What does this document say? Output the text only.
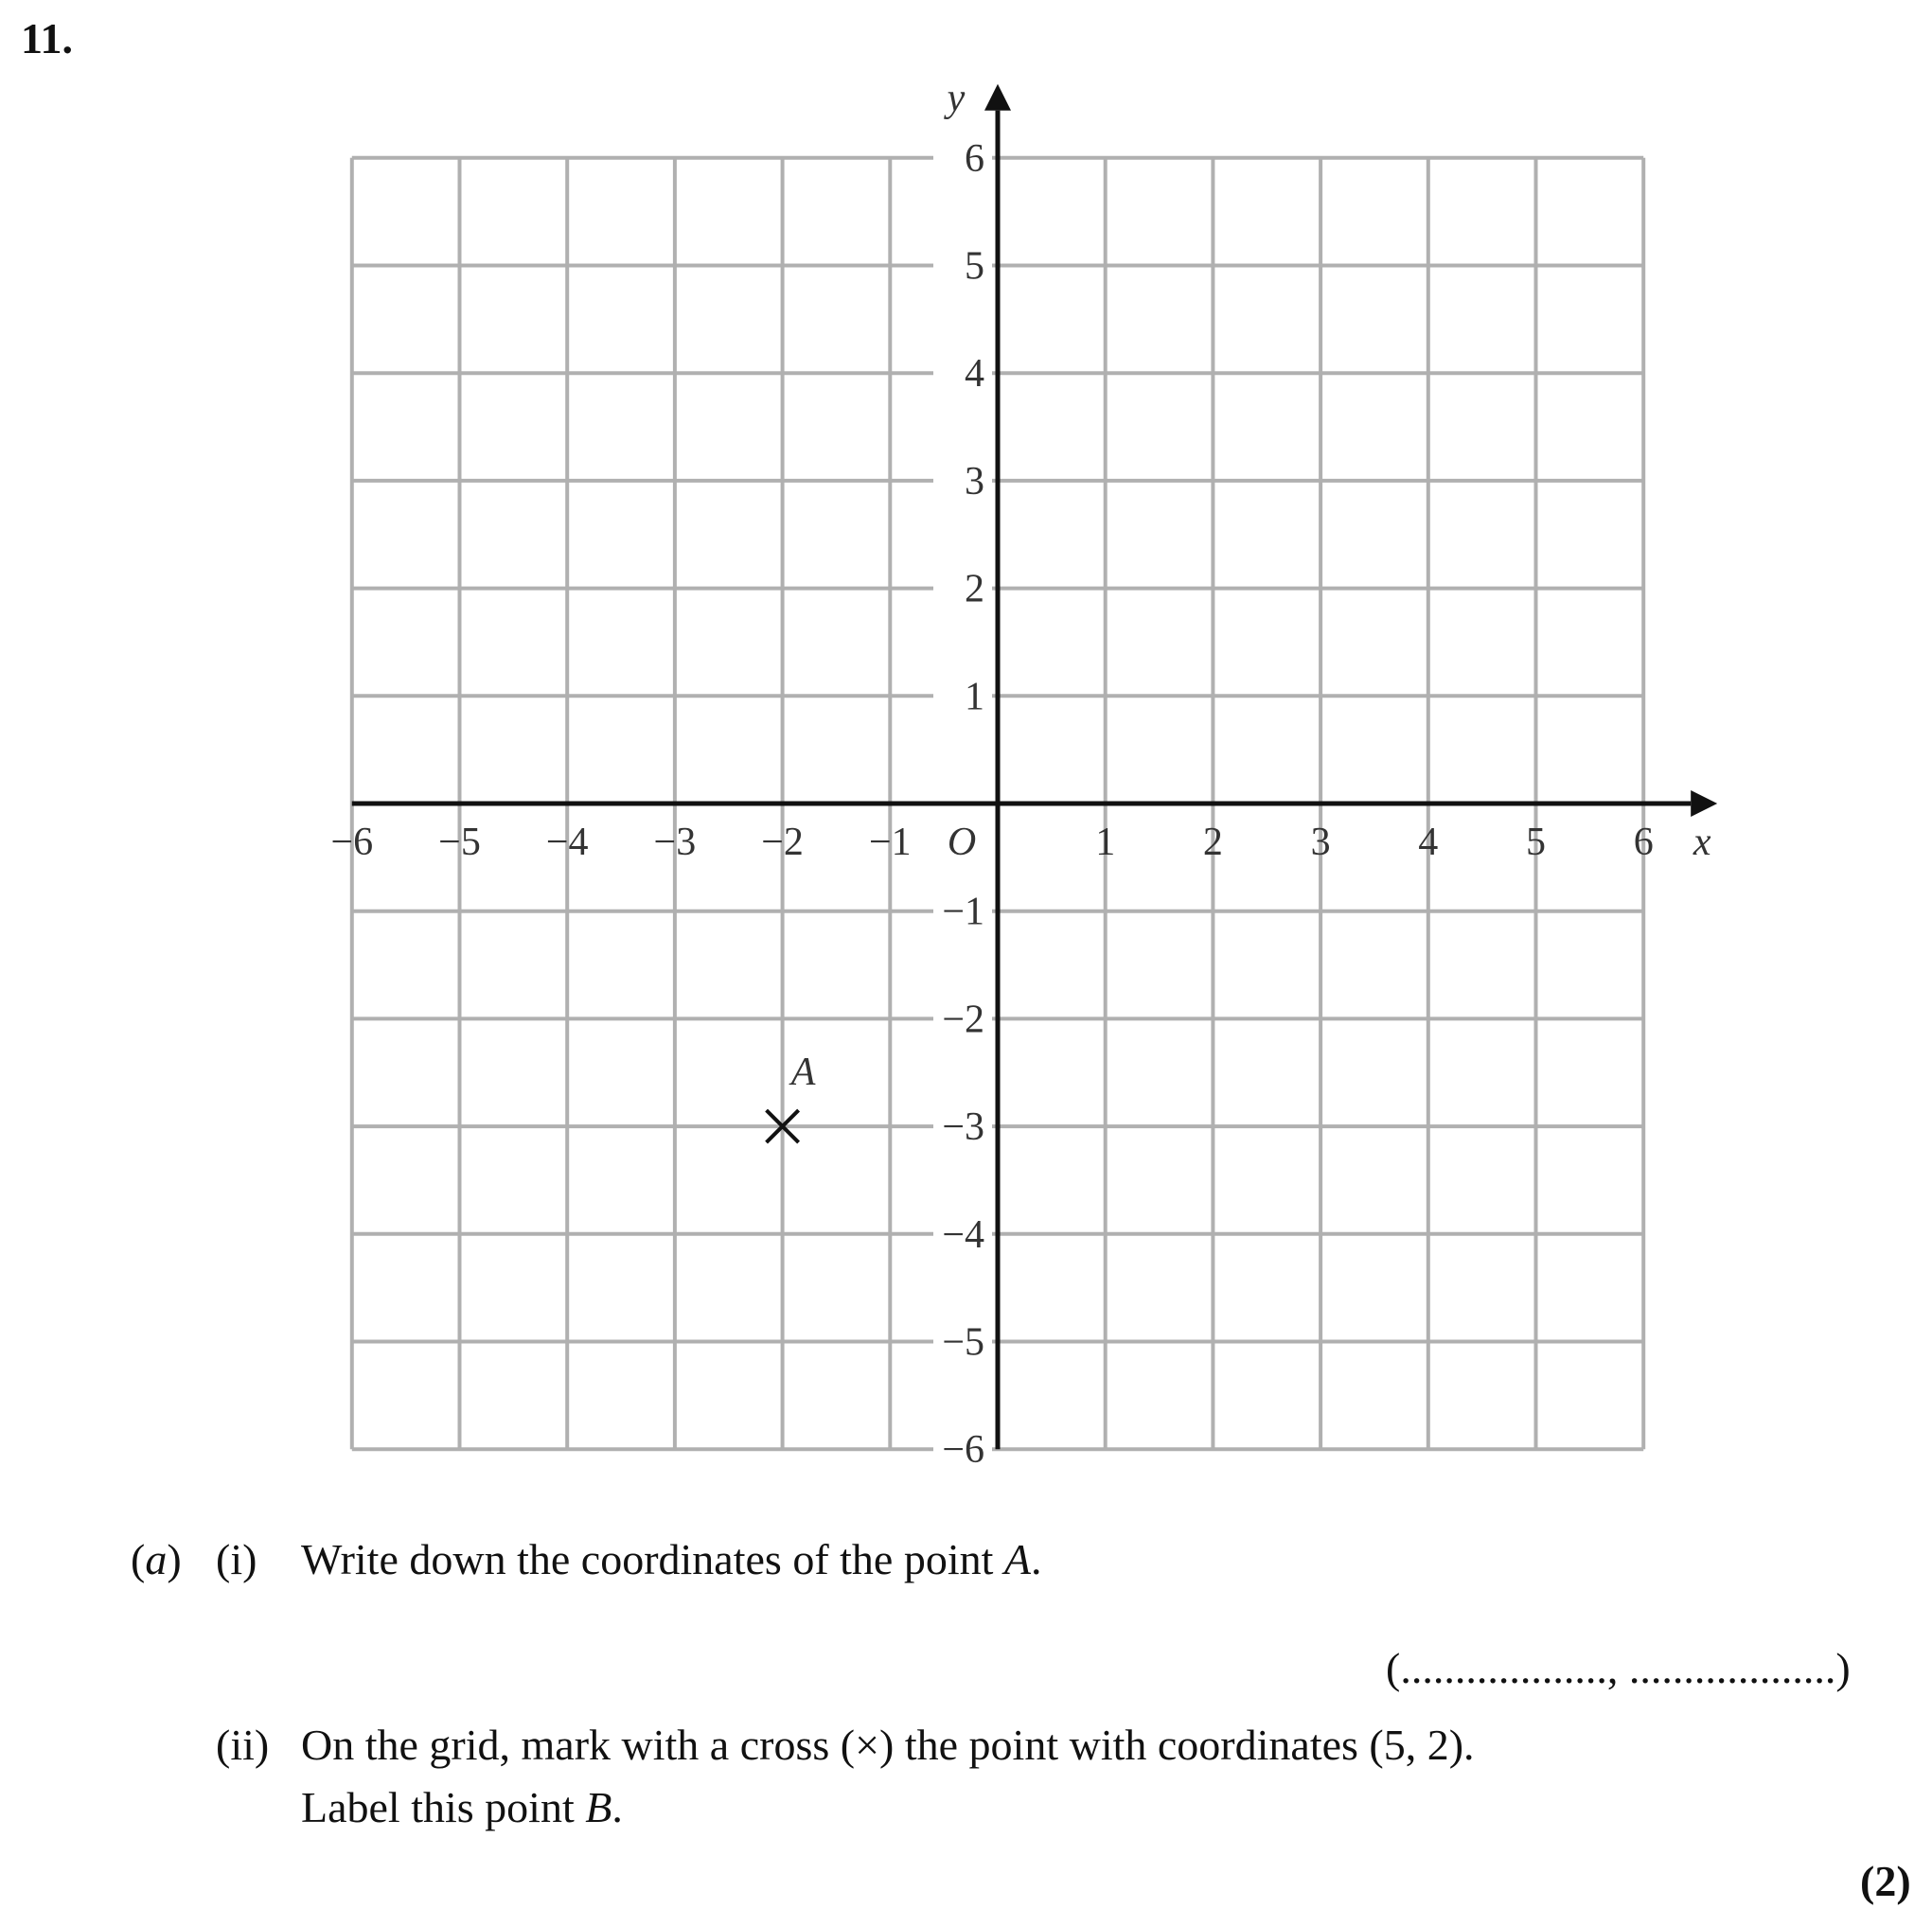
11.
−6 −5 −4 −3 −2 −1	1 2 3 4 5 6
6
5
4
3
2
1
−1
−2
−3
−4
−5
−6
O	x
y
A
(a) (i) Write down the coordinates of the point A.
(..................., ...................)
(ii) On the grid, mark with a cross (×) the point with coordinates (5, 2).
Label this point B.
(2)
